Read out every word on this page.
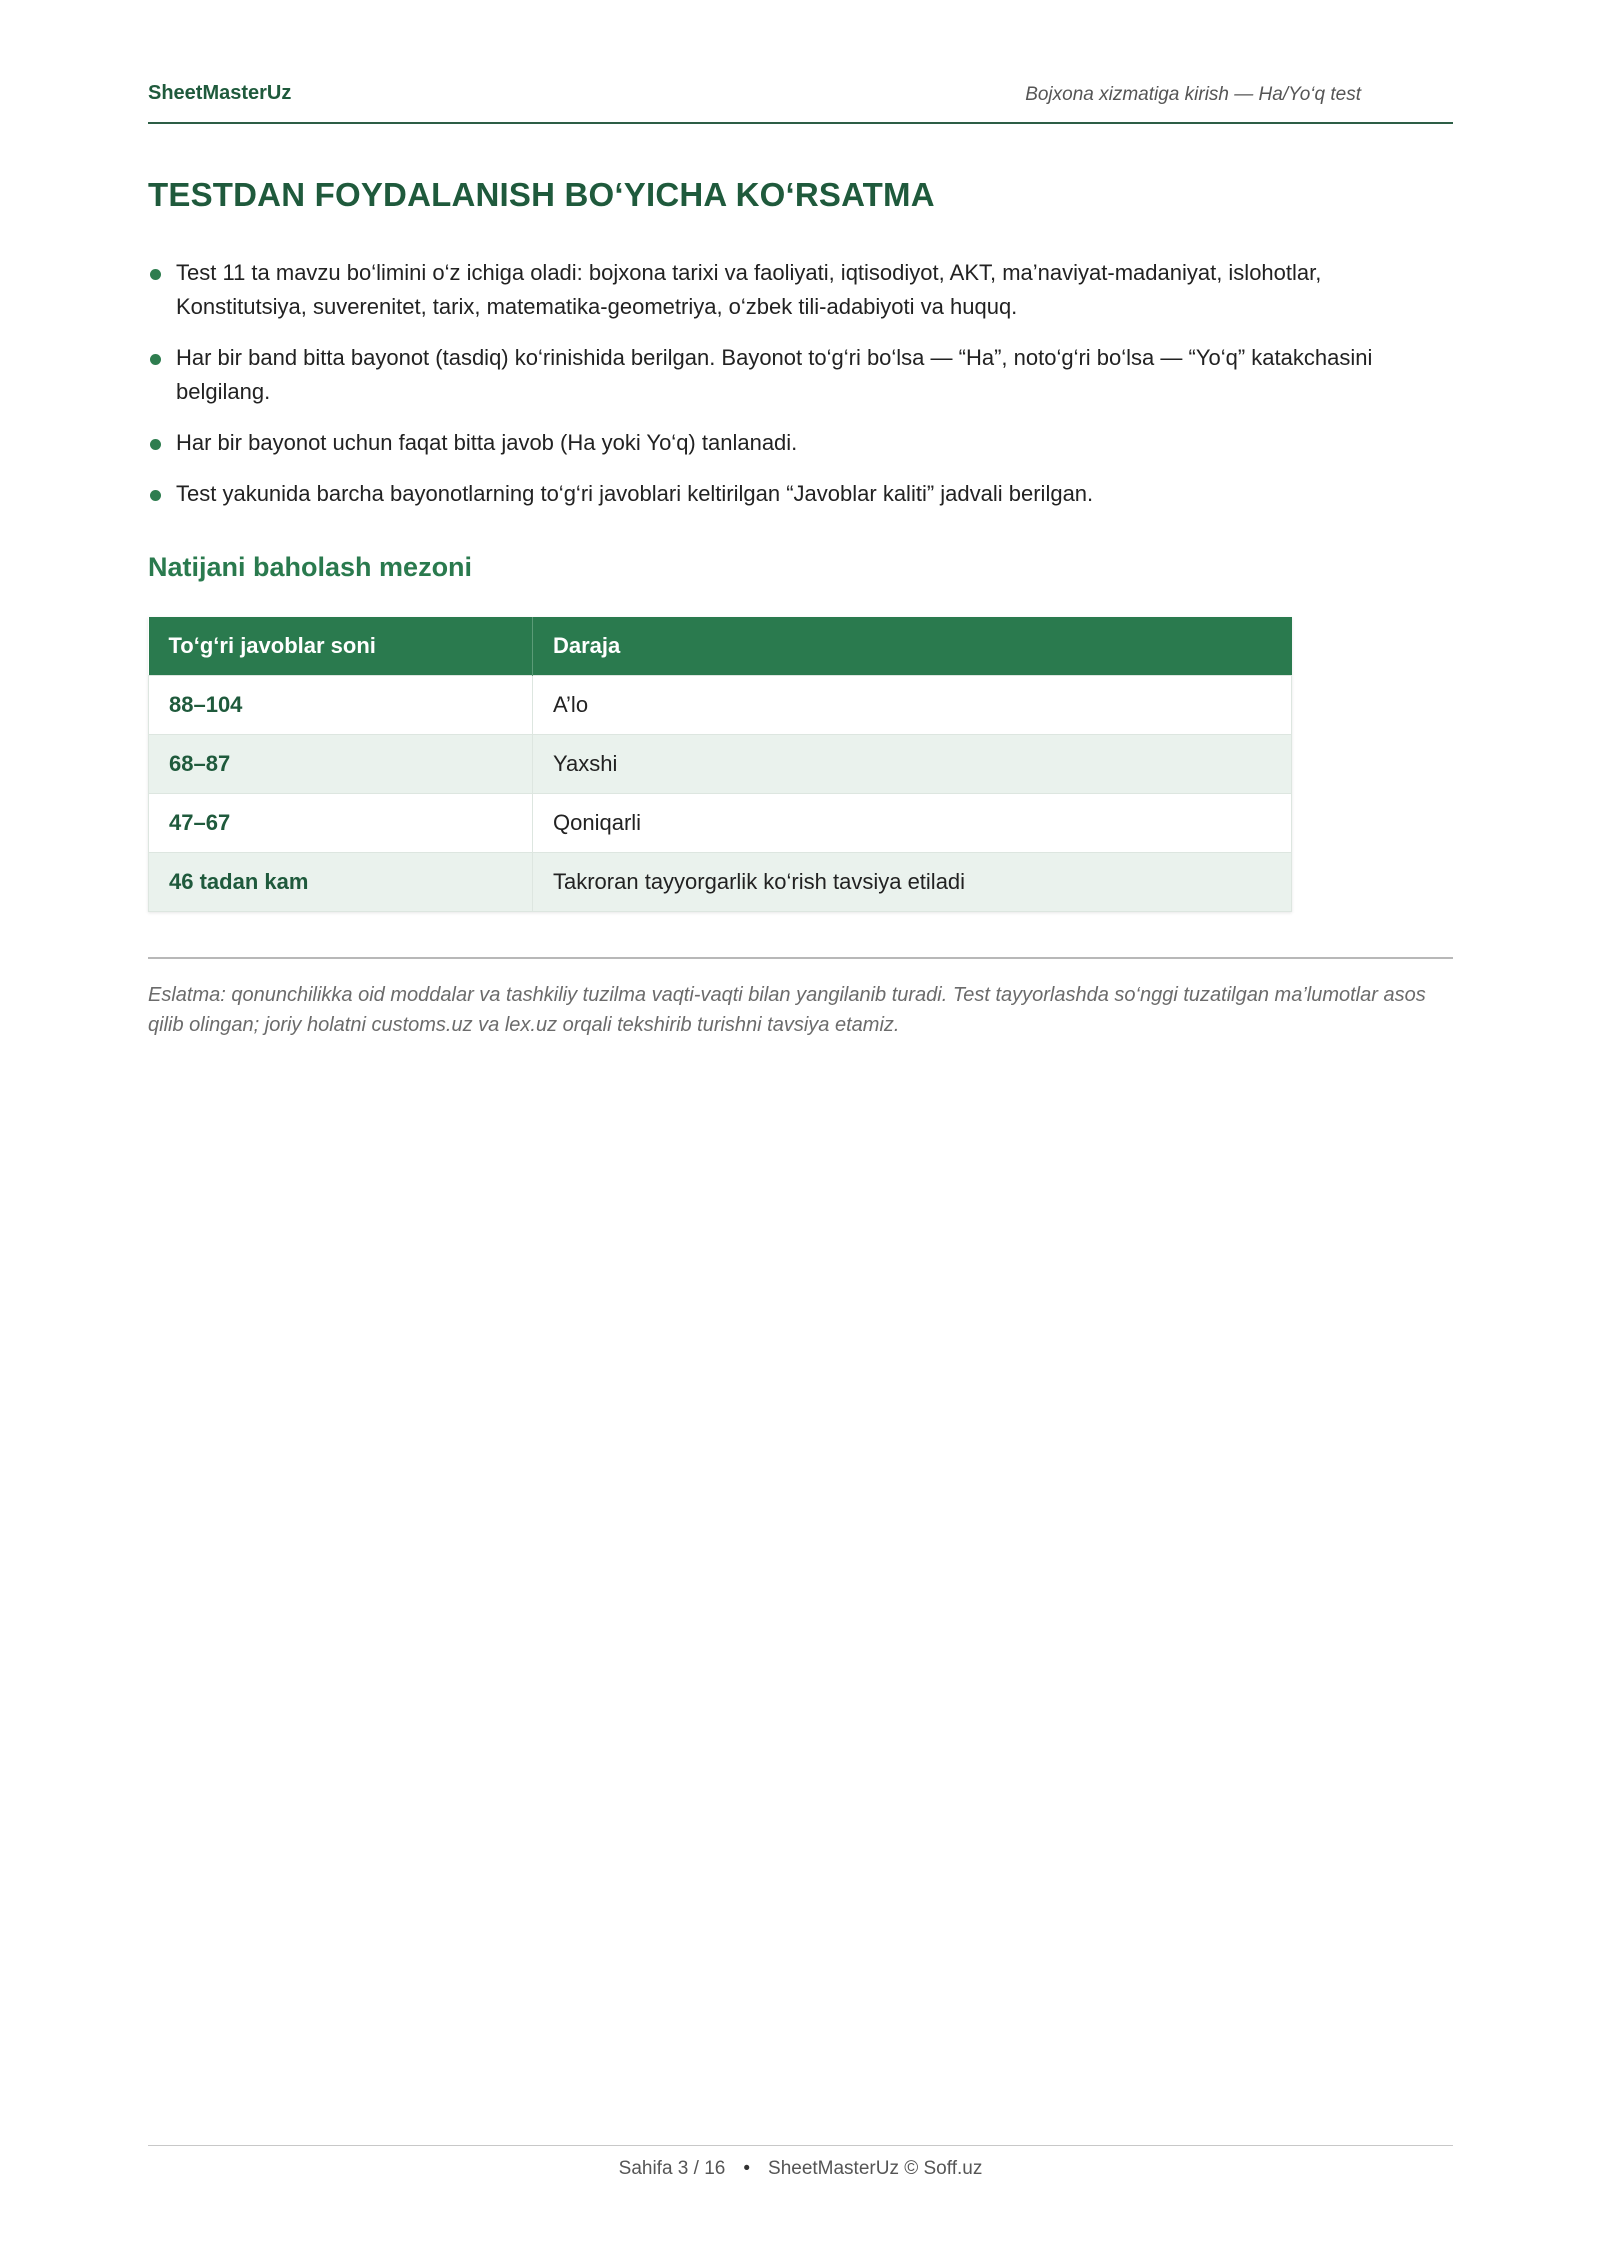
SheetMasterUz	Bojxona xizmatiga kirish — Ha/Yo‘q test
TESTDAN FOYDALANISH BO‘YICHA KO‘RSATMA
Test 11 ta mavzu bo‘limini o‘z ichiga oladi: bojxona tarixi va faoliyati, iqtisodiyot, AKT, ma’naviyat-madaniyat, islohotlar, Konstitutsiya, suverenitet, tarix, matematika-geometriya, o‘zbek tili-adabiyoti va huquq.
Har bir band bitta bayonot (tasdiq) ko‘rinishida berilgan. Bayonot to‘g‘ri bo‘lsa — “Ha”, noto‘g‘ri bo‘lsa — “Yo‘q” katakchasini belgilang.
Har bir bayonot uchun faqat bitta javob (Ha yoki Yo‘q) tanlanadi.
Test yakunida barcha bayonotlarning to‘g‘ri javoblari keltirilgan “Javoblar kaliti” jadvali berilgan.
Natijani baholash mezoni
To‘g‘ri javoblar soni	Daraja
88–104	A’lo
68–87	Yaxshi
47–67	Qoniqarli
46 tadan kam	Takroran tayyorgarlik ko‘rish tavsiya etiladi

Eslatma: qonunchilikka oid moddalar va tashkiliy tuzilma vaqti-vaqti bilan yangilanib turadi. Test tayyorlashda so‘nggi tuzatilgan ma’lumotlar asos qilib olingan; joriy holatni customs.uz va lex.uz orqali tekshirib turishni tavsiya etamiz.

Sahifa 3 / 16 • SheetMasterUz © Soff.uz
